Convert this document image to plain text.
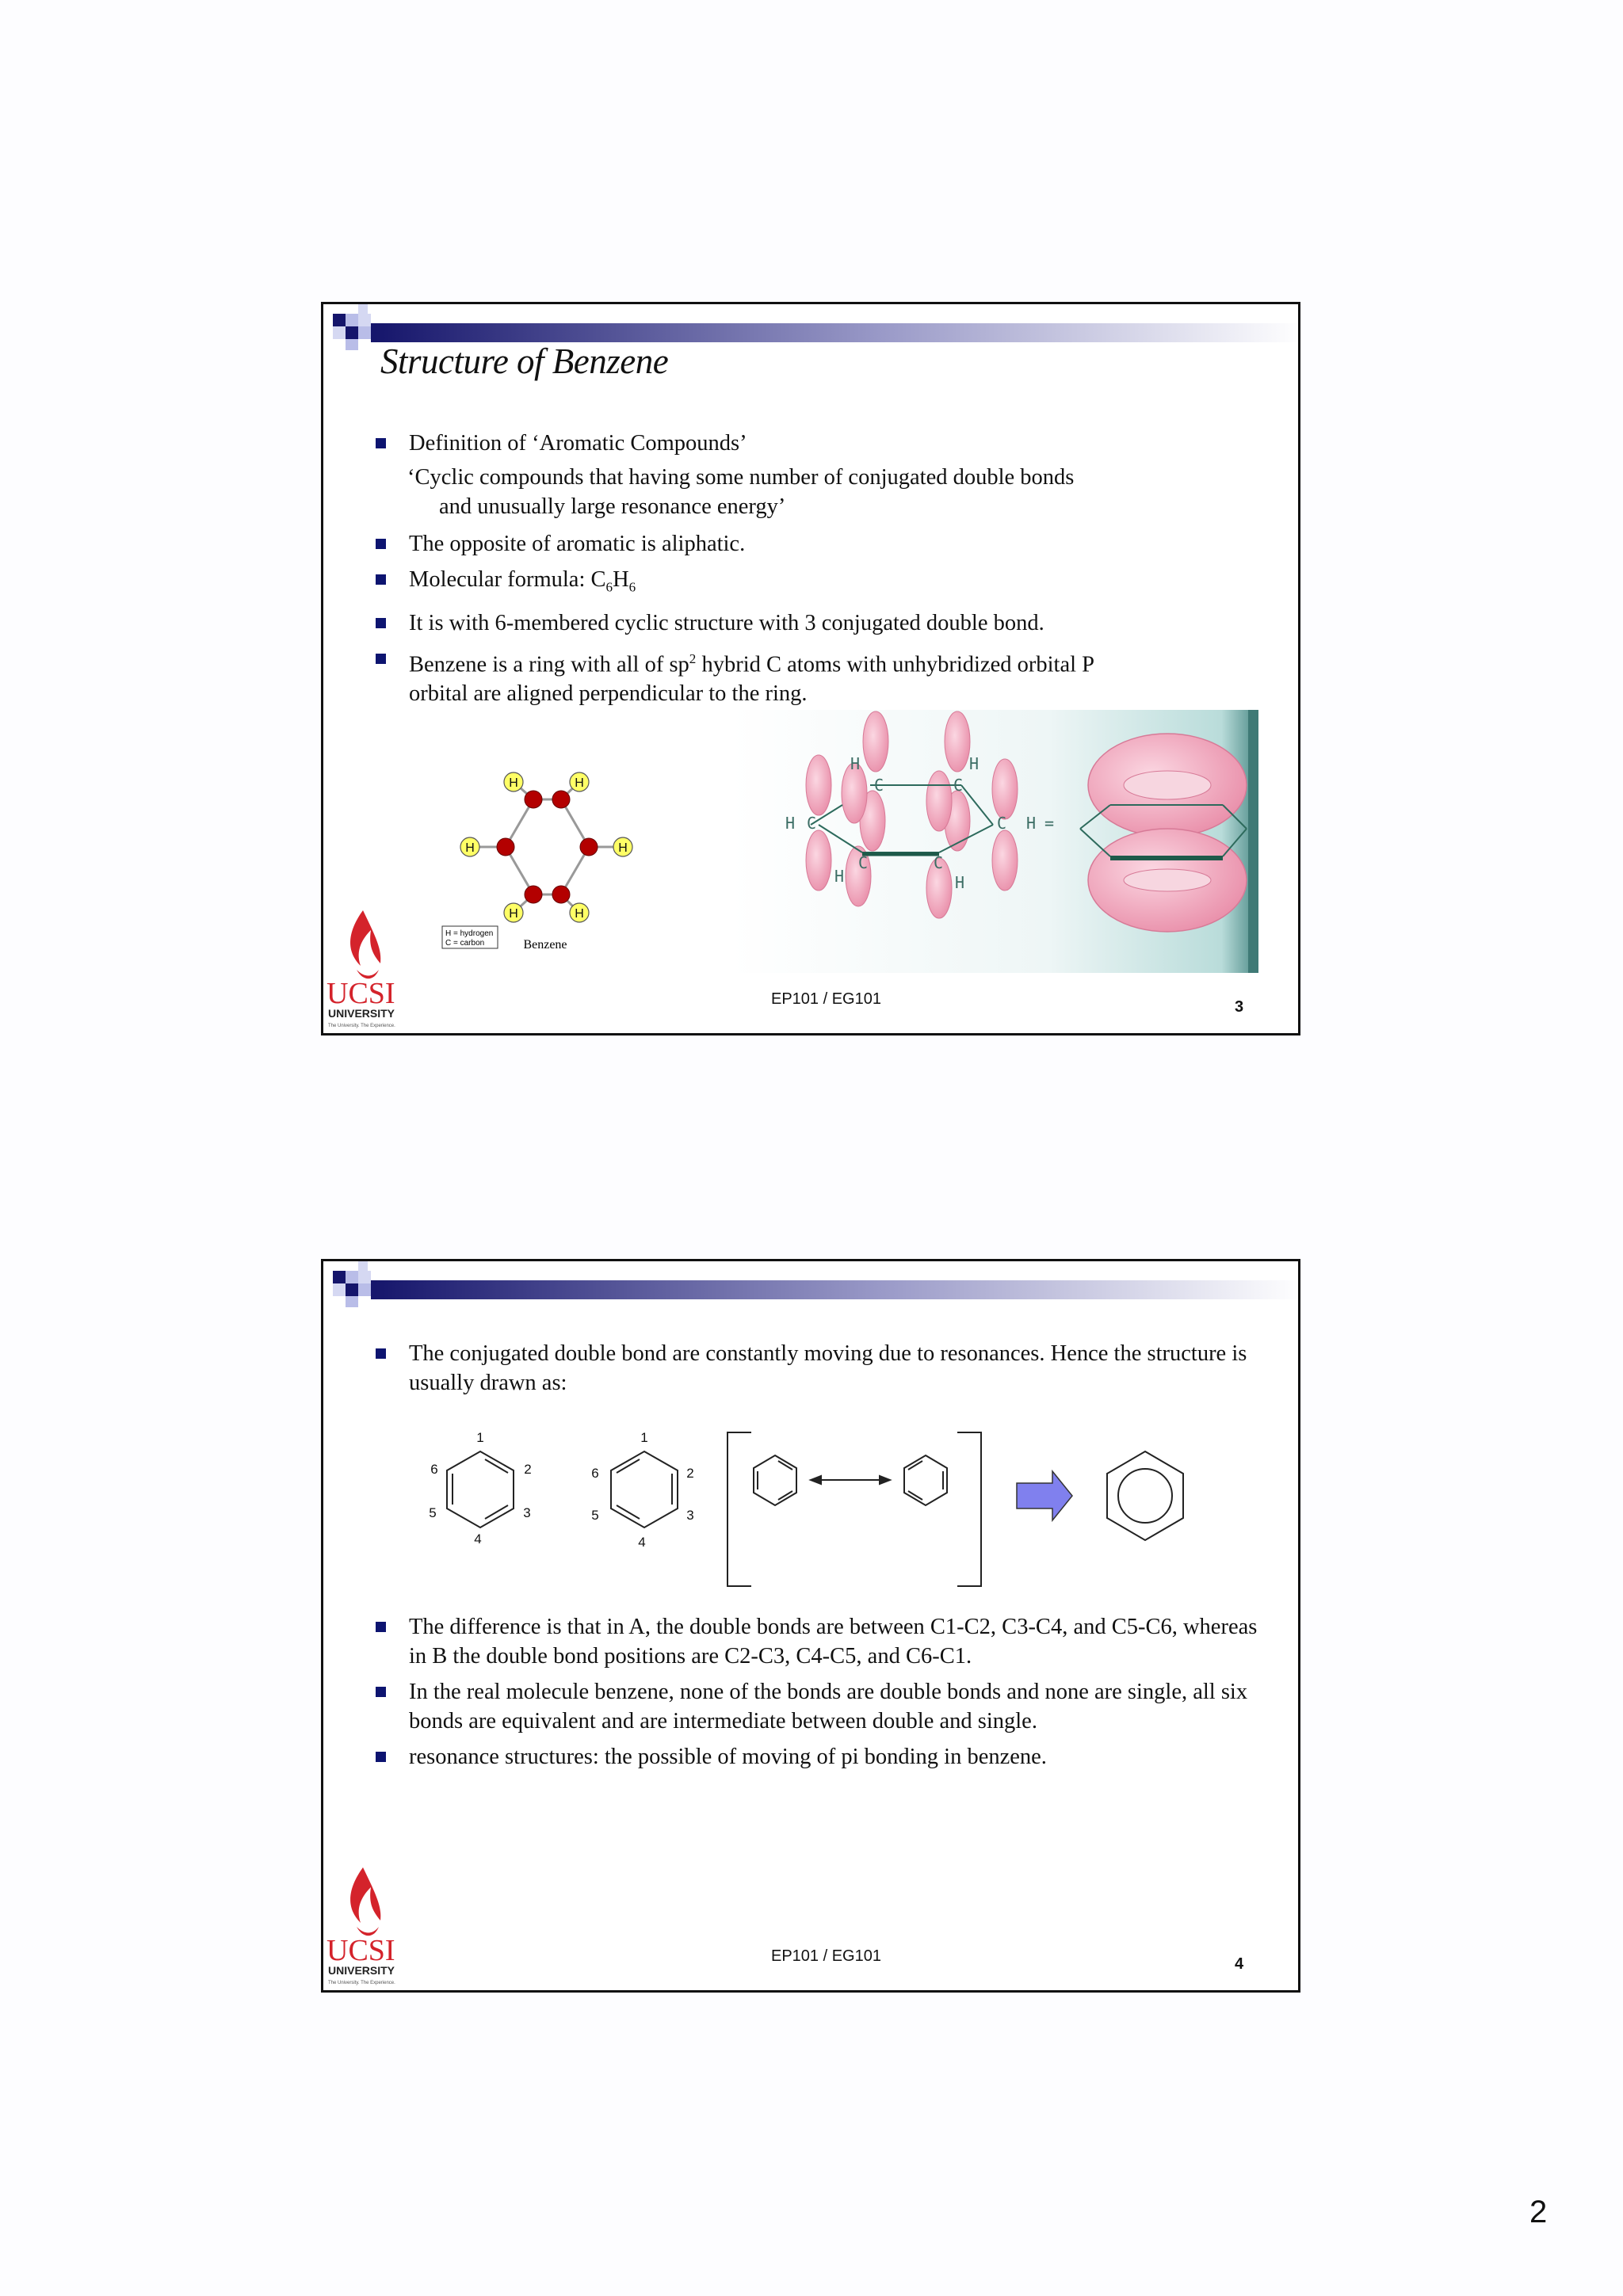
Structure of Benzene
Definition of ‘Aromatic Compounds’
‘Cyclic compounds that having some number of conjugated double bonds
and unusually large resonance energy’
The opposite of aromatic is aliphatic.
Molecular formula: $C_6H_6$
It is with 6-membered cyclic structure with 3 conjugated double bond.
Benzene is a ring with all of $sp^2$ hybrid C atoms with unhybridized orbital P
orbital are aligned perpendicular to the ring.
H	H
H	H
H	H
H = hydrogen
C = carbon	Benzene
H	H
H	H
H	H
C	C
C	C
C	C
=
UCSI
UNIVERSITY
The University. The Experience.
EP101 / EG101	3
The conjugated double bond are constantly moving due to resonances. Hence the structure is usually drawn as:
1
2
3
4
5
6
1
2
3
4
5
6
The difference is that in A, the double bonds are between C1-C2, C3-C4, and C5-C6, whereas in B the double bond positions are C2-C3, C4-C5, and C6-C1.
In the real molecule benzene, none of the bonds are double bonds and none are single, all six bonds are equivalent and are intermediate between double and single.
resonance structures: the possible of moving of pi bonding in benzene.
UCSI
UNIVERSITY
The University. The Experience.
EP101 / EG101	4
2
